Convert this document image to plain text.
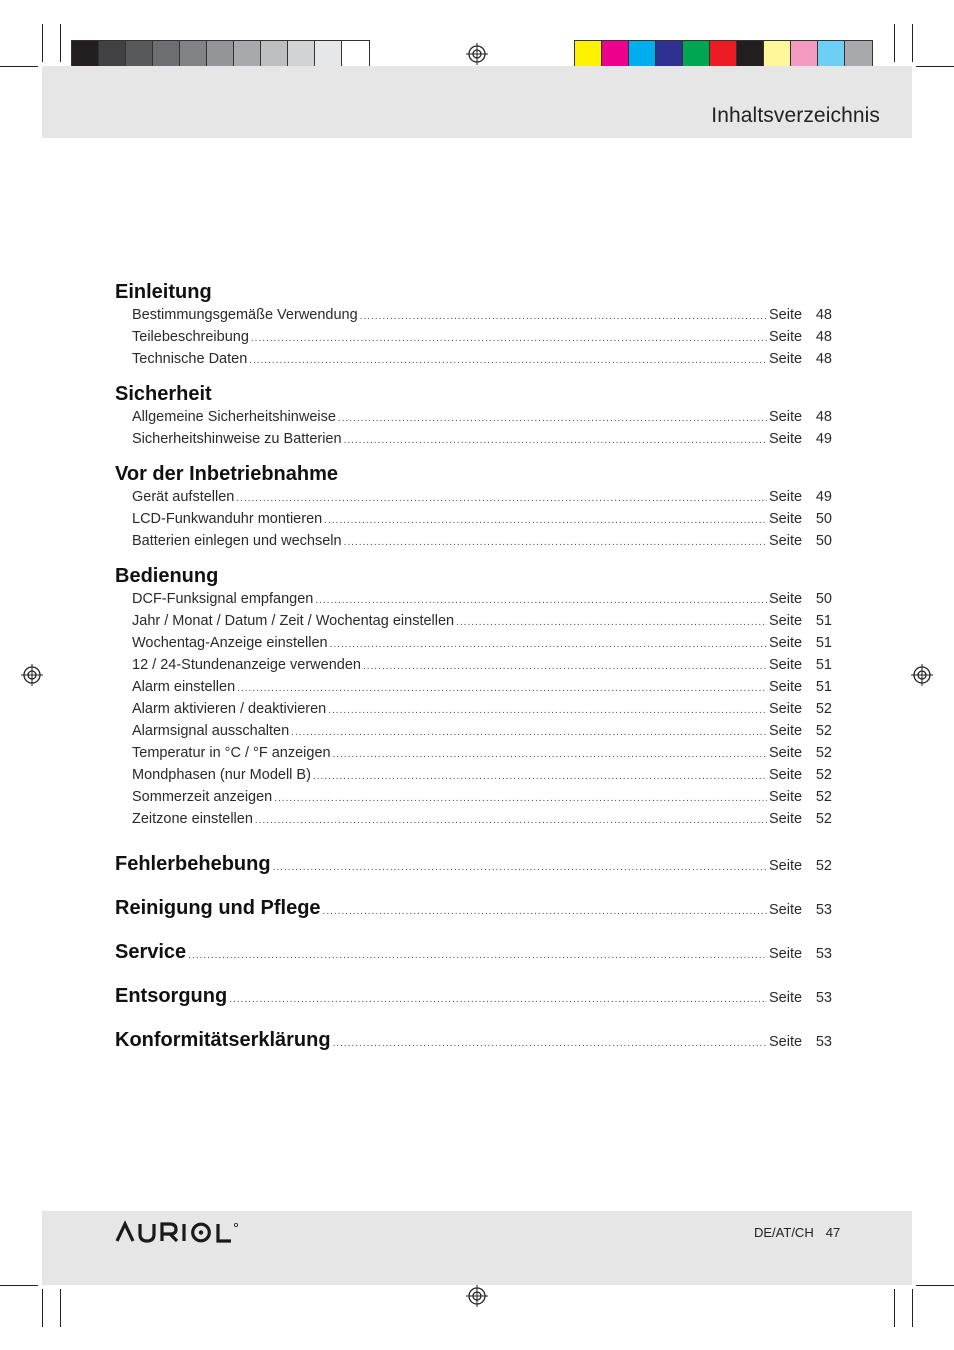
Inhaltsverzeichnis
Einleitung
Bestimmungsgemäße Verwendung .....	Seite 48
Teilebeschreibung .....	Seite 48
Technische Daten .....	Seite 48
Sicherheit
Allgemeine Sicherheitshinweise .....	Seite 48
Sicherheitshinweise zu Batterien .....	Seite 49
Vor der Inbetriebnahme
Gerät aufstellen .....	Seite 49
LCD-Funkwanduhr montieren .....	Seite 50
Batterien einlegen und wechseln .....	Seite 50
Bedienung
DCF-Funksignal empfangen .....	Seite 50
Jahr / Monat / Datum / Zeit / Wochentag einstellen .....	Seite 51
Wochentag-Anzeige einstellen .....	Seite 51
12 / 24-Stundenanzeige verwenden .....	Seite 51
Alarm einstellen .....	Seite 51
Alarm aktivieren / deaktivieren .....	Seite 52
Alarmsignal ausschalten .....	Seite 52
Temperatur in °C / °F anzeigen .....	Seite 52
Mondphasen (nur Modell B) .....	Seite 52
Sommerzeit anzeigen .....	Seite 52
Zeitzone einstellen .....	Seite 52
Fehlerbehebung .....	Seite 52
Reinigung und Pflege .....	Seite 53
Service .....	Seite 53
Entsorgung .....	Seite 53
Konformitätserklärung .....	Seite 53
DE/AT/CH 47
